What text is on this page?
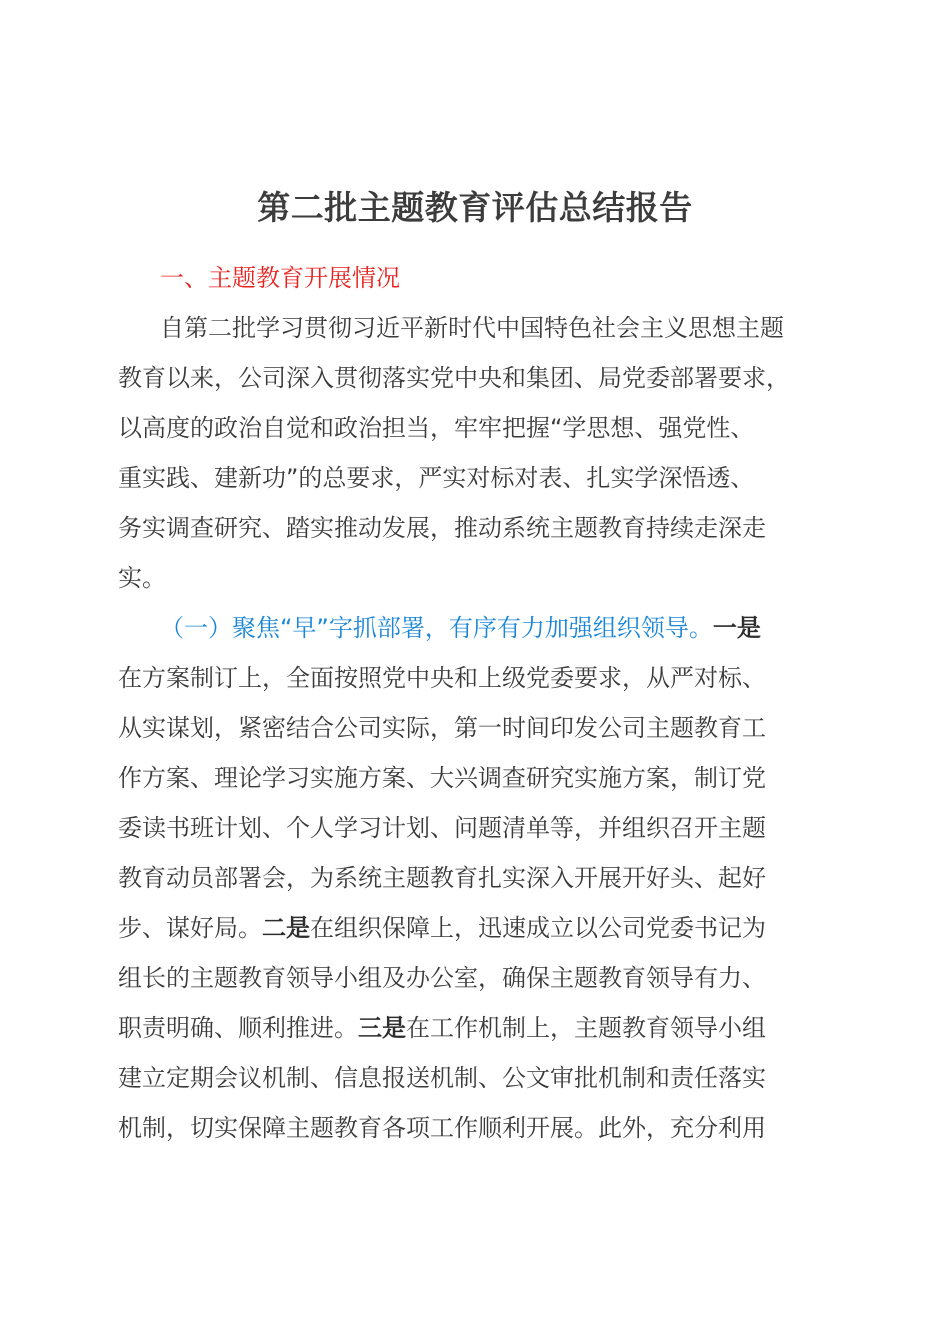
第二批主题教育评估总结报告
一、主题教育开展情况
自第二批学习贯彻习近平新时代中国特色社会主义思想主题
教育以来，公司深入贯彻落实党中央和集团、局党委部署要求，
以高度的政治自觉和政治担当，牢牢把握“学思想、强党性、
重实践、建新功”的总要求，严实对标对表、扎实学深悟透、
务实调查研究、踏实推动发展，推动系统主题教育持续走深走
实。
（一）聚焦“早”字抓部署，有序有力加强组织领导。一是
在方案制订上，全面按照党中央和上级党委要求，从严对标、
从实谋划，紧密结合公司实际，第一时间印发公司主题教育工
作方案、理论学习实施方案、大兴调查研究实施方案，制订党
委读书班计划、个人学习计划、问题清单等，并组织召开主题
教育动员部署会，为系统主题教育扎实深入开展开好头、起好
步、谋好局。二是在组织保障上，迅速成立以公司党委书记为
组长的主题教育领导小组及办公室，确保主题教育领导有力、
职责明确、顺利推进。三是在工作机制上，主题教育领导小组
建立定期会议机制、信息报送机制、公文审批机制和责任落实
机制，切实保障主题教育各项工作顺利开展。此外，充分利用
